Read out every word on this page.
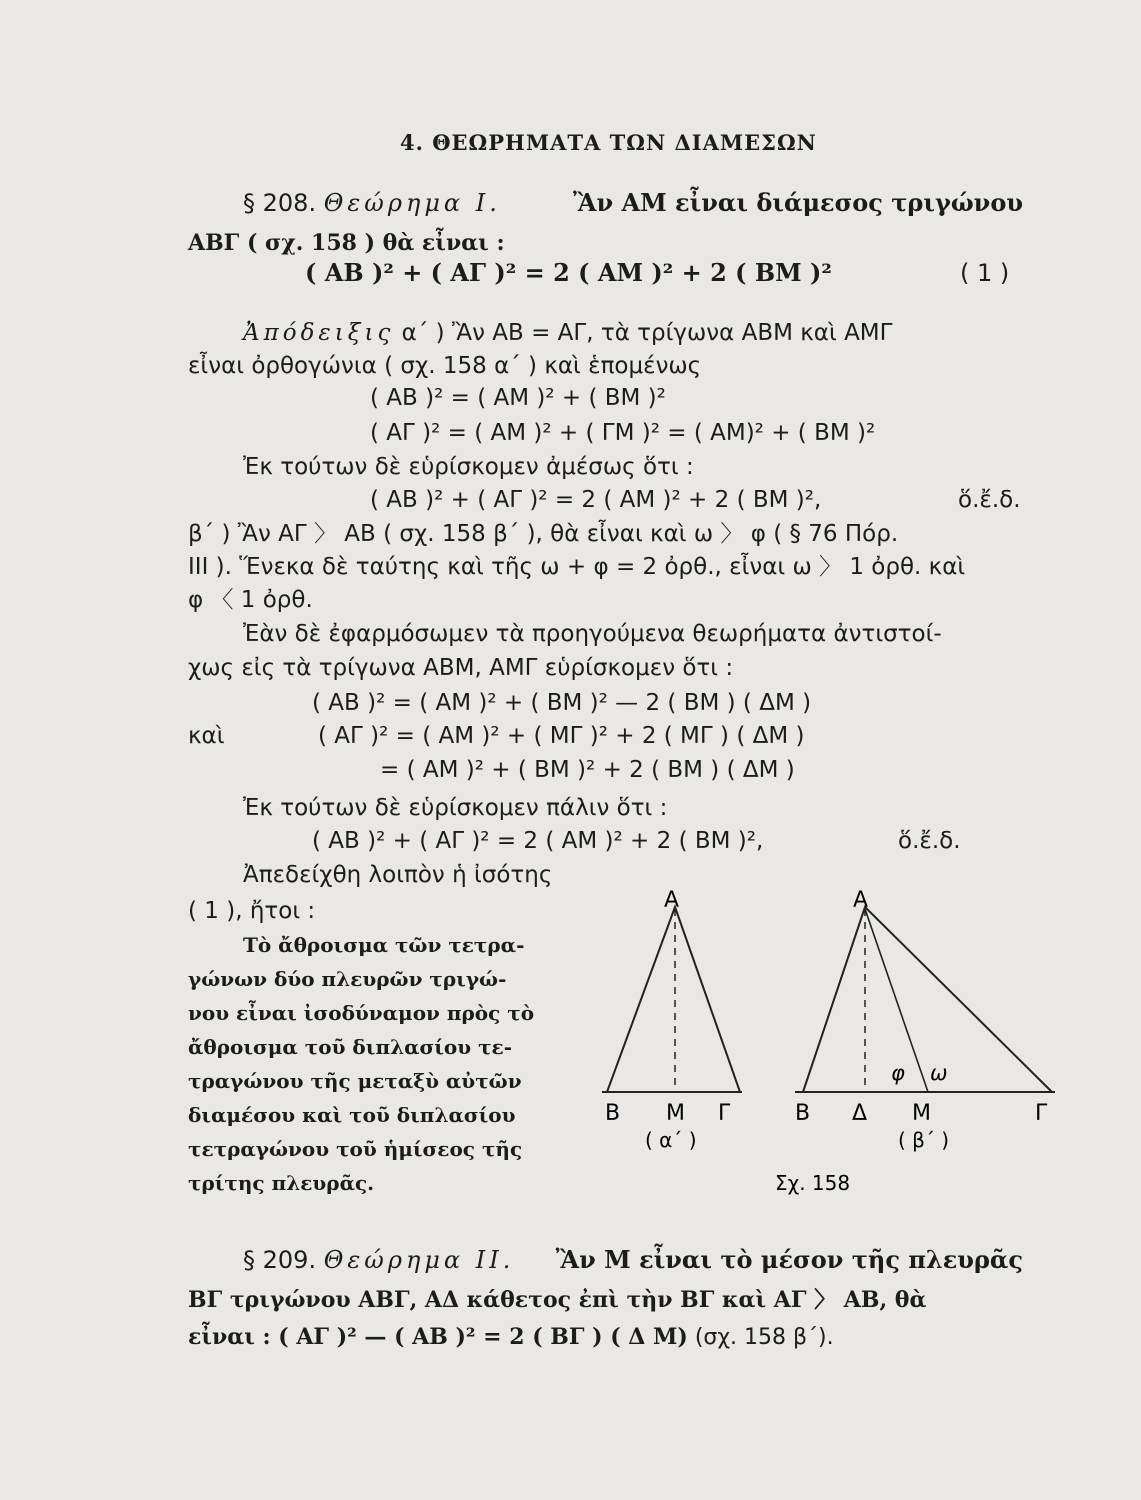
4. ΘΕΩΡΗΜΑΤΑ ΤΩΝ ΔΙΑΜΕΣΩΝ
§ 208. Θεώρημα Ι.	Ἂν ΑΜ εἶναι διάμεσος τριγώνου
ΑΒΓ ( σχ. 158 ) θὰ εἶναι :
( ΑΒ )² + ( ΑΓ )² = 2 ( ΑΜ )² + 2 ( ΒΜ )²	( 1 )
Ἀπόδειξις α΄ ) Ἂν ΑΒ = ΑΓ, τὰ τρίγωνα ΑΒΜ καὶ ΑΜΓ
εἶναι ὀρθογώνια ( σχ. 158 α΄ ) καὶ ἑπομένως
( ΑΒ )² = ( ΑΜ )² + ( ΒΜ )²
( ΑΓ )² = ( ΑΜ )² + ( ΓΜ )² = ( ΑΜ)² + ( ΒΜ )²
Ἐκ τούτων δὲ εὑρίσκομεν ἀμέσως ὅτι :
( ΑΒ )² + ( ΑΓ )² = 2 ( ΑΜ )² + 2 ( ΒΜ )²,	ὅ.ἔ.δ.
β΄ ) Ἂν ΑΓ 〉 ΑΒ ( σχ. 158 β΄ ), θὰ εἶναι καὶ ω 〉 φ ( § 76 Πόρ.
ΙΙΙ ). Ἕνεκα δὲ ταύτης καὶ τῆς ω + φ = 2 ὀρθ., εἶναι ω 〉 1 ὀρθ. καὶ
φ 〈 1 ὀρθ.
Ἐὰν δὲ ἐφαρμόσωμεν τὰ προηγούμενα θεωρήματα ἀντιστοί-
χως εἰς τὰ τρίγωνα ΑΒΜ, ΑΜΓ εὑρίσκομεν ὅτι :
( ΑΒ )² = ( ΑΜ )² + ( ΒΜ )² — 2 ( ΒΜ ) ( ΔΜ )
καὶ	( ΑΓ )² = ( ΑΜ )² + ( ΜΓ )² + 2 ( ΜΓ ) ( ΔΜ )
= ( ΑΜ )² + ( ΒΜ )² + 2 ( ΒΜ ) ( ΔΜ )
Ἐκ τούτων δὲ εὑρίσκομεν πάλιν ὅτι :
( ΑΒ )² + ( ΑΓ )² = 2 ( ΑΜ )² + 2 ( ΒΜ )²,	ὅ.ἔ.δ.
Ἀπεδείχθη λοιπὸν ἡ ἰσότης
( 1 ), ἤτοι :
Τὸ ἄθροισμα τῶν τετρα-
γώνων δύο πλευρῶν τριγώ-
νου εἶναι ἰσοδύναμον πρὸς τὸ
ἄθροισμα τοῦ διπλασίου τε-
τραγώνου τῆς μεταξὺ αὐτῶν
διαμέσου καὶ τοῦ διπλασίου
τετραγώνου τοῦ ἡμίσεος τῆς
τρίτης πλευρᾶς.
Α
Β Μ Γ
( α΄ )
Α
Β Δ Μ	Γ
φ ω
( β΄ )
Σχ. 158
§ 209. Θεώρημα ΙΙ. Ἂν Μ εἶναι τὸ μέσον τῆς πλευρᾶς
ΒΓ τριγώνου ΑΒΓ, ΑΔ κάθετος ἐπὶ τὴν ΒΓ καὶ ΑΓ 〉 ΑΒ, θὰ
εἶναι : ( ΑΓ )² — ( ΑΒ )² = 2 ( ΒΓ ) ( Δ Μ) (σχ. 158 β΄).
